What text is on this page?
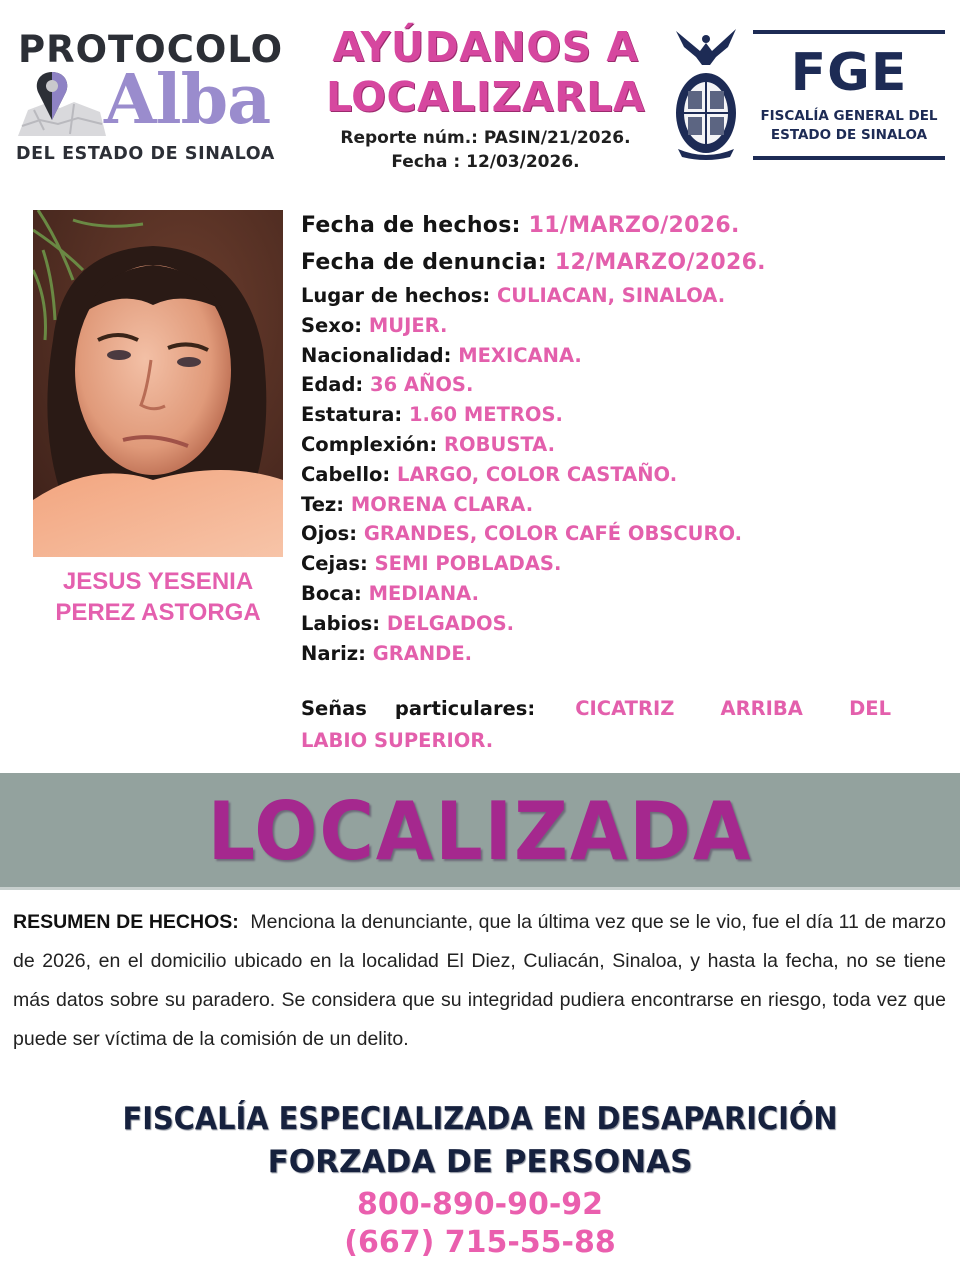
PROTOCOLO
Alba
DEL ESTADO DE SINALOA
AYÚDANOS A
LOCALIZARLA
Reporte núm.: PASIN/21/2026.
Fecha : 12/03/2026.
FGE
FISCALÍA GENERAL DEL
ESTADO DE SINALOA
JESUS YESENIA
PEREZ ASTORGA
Fecha de hechos: 11/MARZO/2026.
Fecha de denuncia: 12/MARZO/2026.
Lugar de hechos: CULIACAN, SINALOA.
Sexo: MUJER.
Nacionalidad: MEXICANA.
Edad: 36 AÑOS.
Estatura: 1.60 METROS.
Complexión: ROBUSTA.
Cabello: LARGO, COLOR CASTAÑO.
Tez: MORENA CLARA.
Ojos: GRANDES, COLOR CAFÉ OBSCURO.
Cejas: SEMI POBLADAS.
Boca: MEDIANA.
Labios: DELGADOS.
Nariz: GRANDE.
Señas particulares: CICATRIZ ARRIBA DEL
LABIO SUPERIOR.
LOCALIZADA
RESUMEN DE HECHOS: Menciona la denunciante, que la última vez que se le vio, fue el día 11 de marzo de 2026, en el domicilio ubicado en la localidad El Diez, Culiacán, Sinaloa, y hasta la fecha, no se tiene más datos sobre su paradero. Se considera que su integridad pudiera encontrarse en riesgo, toda vez que puede ser víctima de la comisión de un delito.
FISCALÍA ESPECIALIZADA EN DESAPARICIÓN
FORZADA DE PERSONAS
800-890-90-92
(667) 715-55-88
